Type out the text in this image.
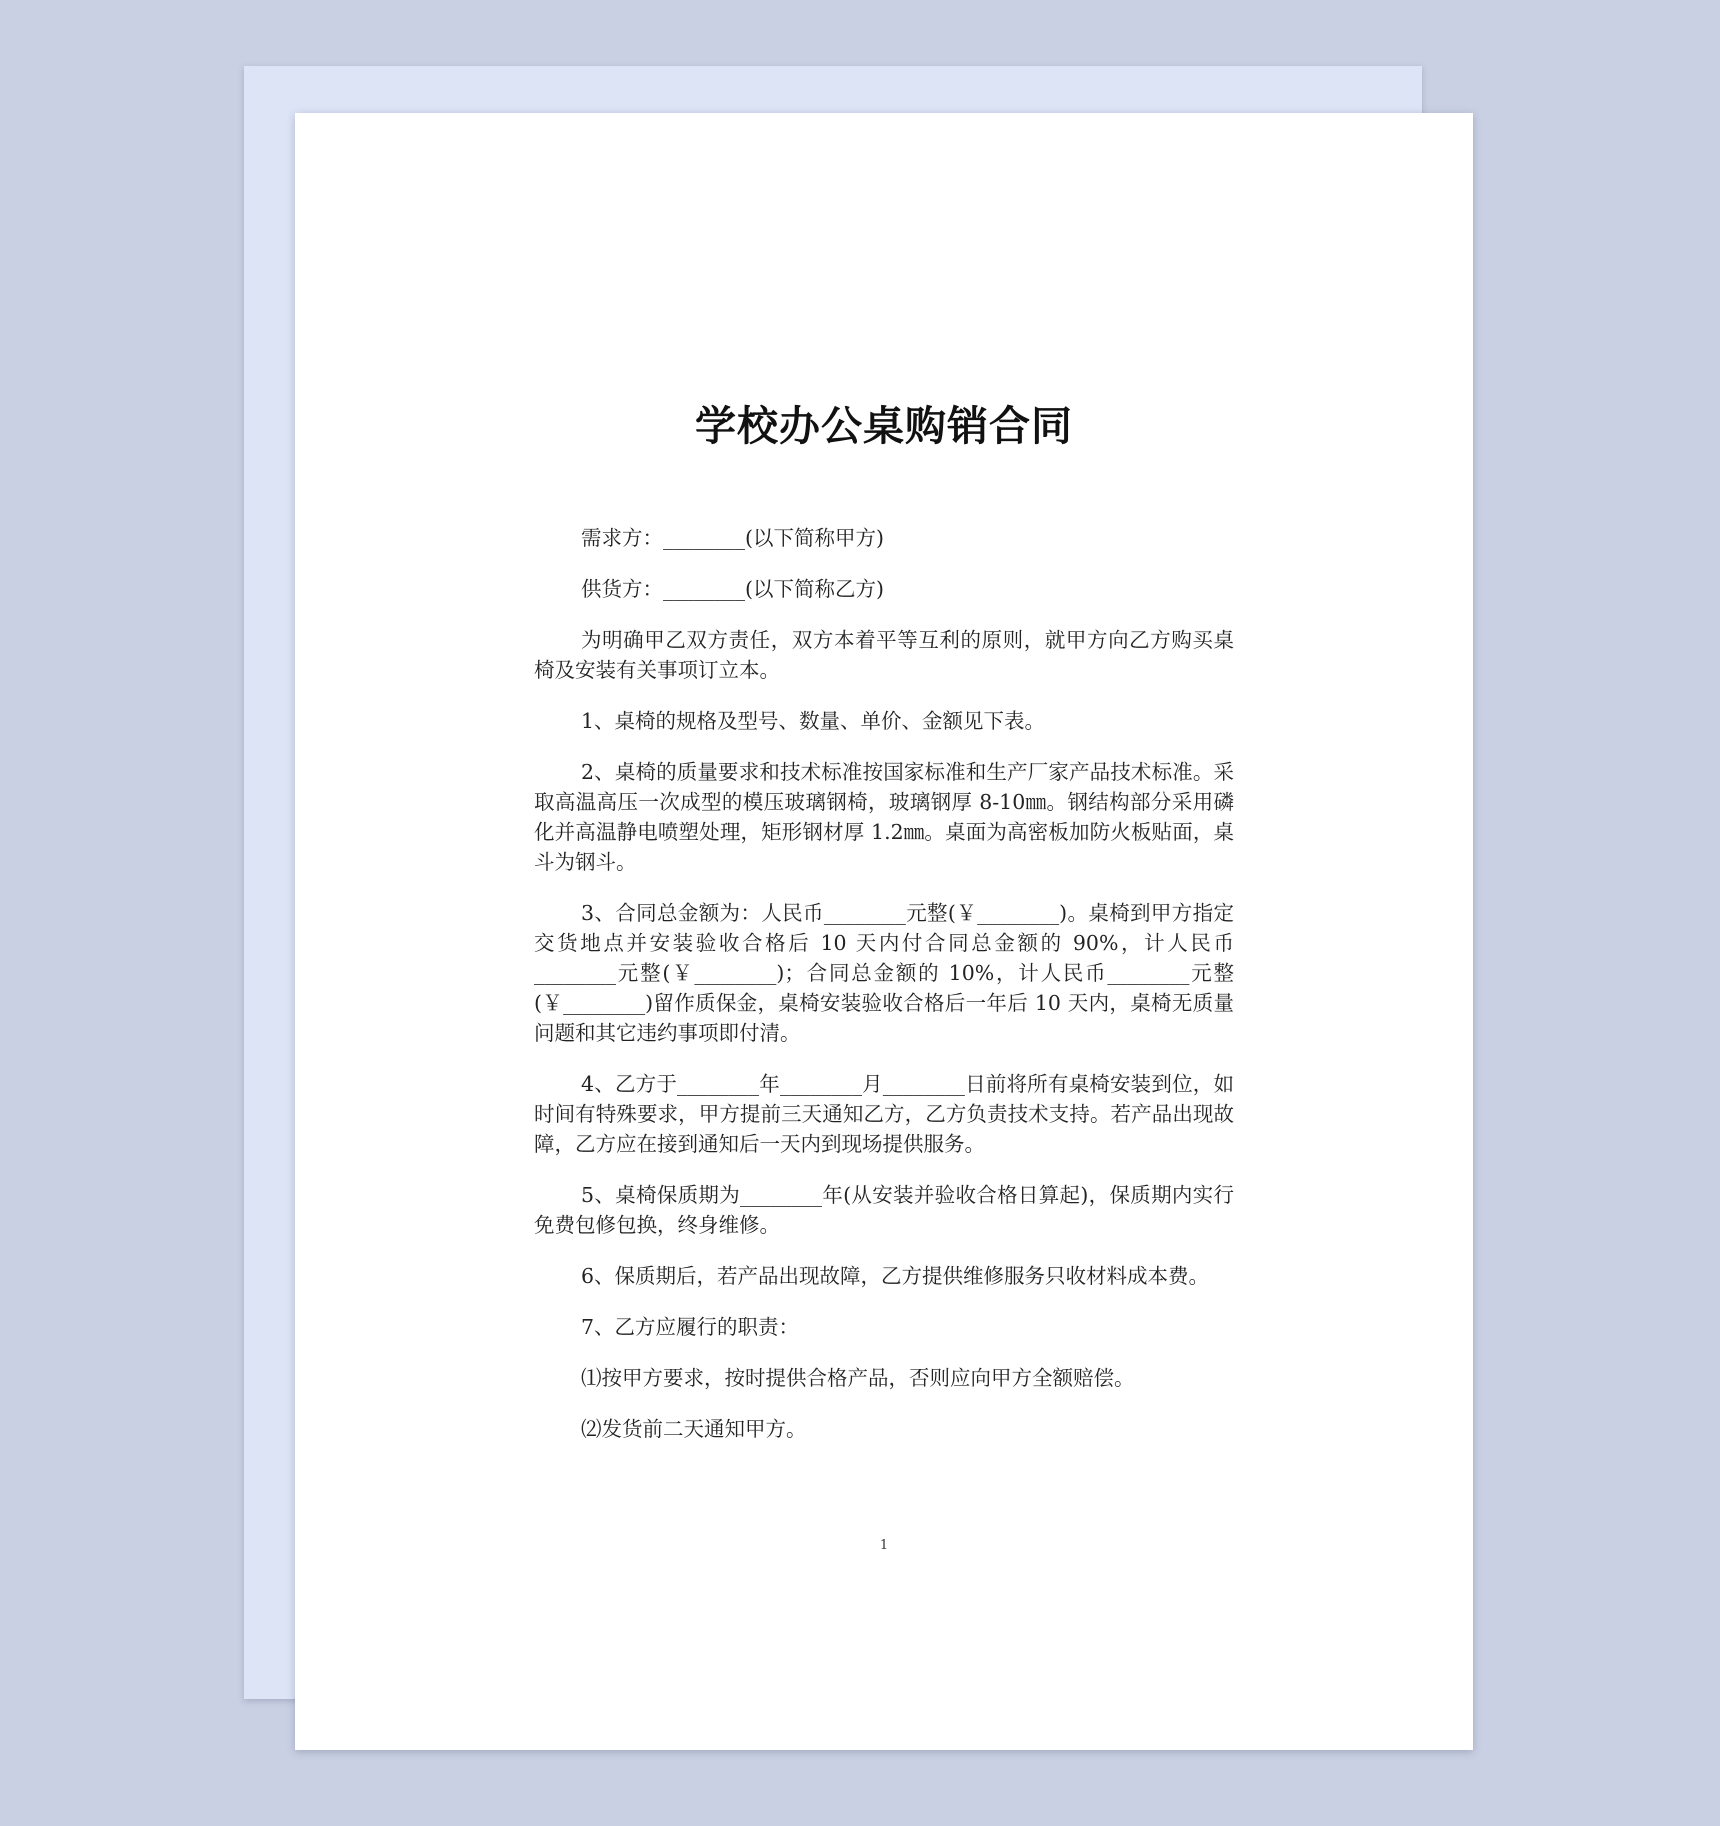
学校办公桌购销合同

需求方：________(以下简称甲方)

供货方：________(以下简称乙方)

为明确甲乙双方责任，双方本着平等互利的原则，就甲方向乙方购买桌椅及安装有关事项订立本。

1、桌椅的规格及型号、数量、单价、金额见下表。

2、桌椅的质量要求和技术标准按国家标准和生产厂家产品技术标准。采取高温高压一次成型的模压玻璃钢椅，玻璃钢厚 8-10㎜。钢结构部分采用磷化并高温静电喷塑处理，矩形钢材厚 1.2㎜。桌面为高密板加防火板贴面，桌斗为钢斗。

3、合同总金额为：人民币________元整(￥________)。桌椅到甲方指定交货地点并安装验收合格后 10 天内付合同总金额的 90%，计人民币________元整(￥________)；合同总金额的 10%，计人民币________元整(￥________)留作质保金，桌椅安装验收合格后一年后 10 天内，桌椅无质量问题和其它违约事项即付清。

4、乙方于________年________月________日前将所有桌椅安装到位，如时间有特殊要求，甲方提前三天通知乙方，乙方负责技术支持。若产品出现故障，乙方应在接到通知后一天内到现场提供服务。

5、桌椅保质期为________年(从安装并验收合格日算起)，保质期内实行免费包修包换，终身维修。

6、保质期后，若产品出现故障，乙方提供维修服务只收材料成本费。

7、乙方应履行的职责：

⑴按甲方要求，按时提供合格产品，否则应向甲方全额赔偿。

⑵发货前二天通知甲方。

1
